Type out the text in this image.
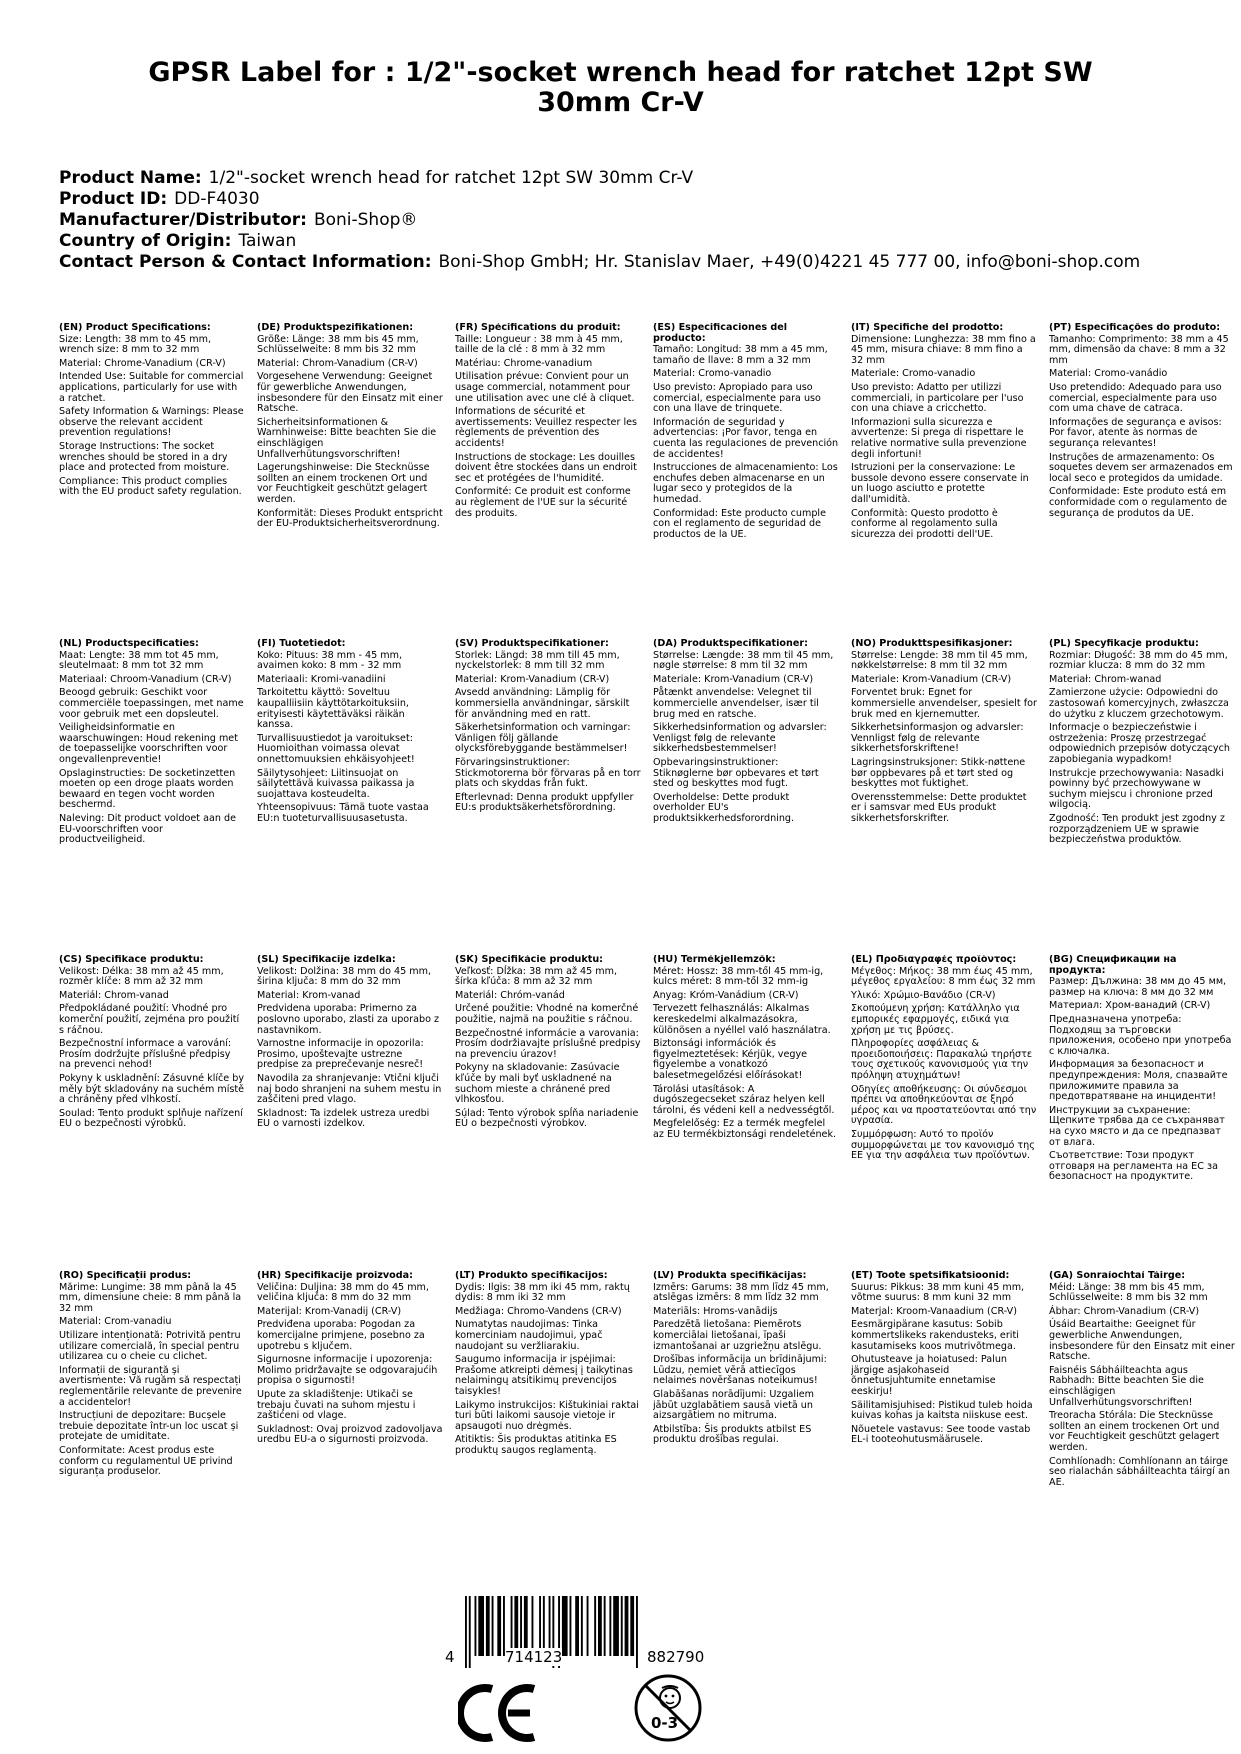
GPSR Label for : 1/2"-socket wrench head for ratchet 12pt SW 30mm Cr-V
Product Name: 1/2"-socket wrench head for ratchet 12pt SW 30mm Cr-V
Product ID: DD-F4030
Manufacturer/Distributor: Boni-Shop®
Country of Origin: Taiwan
Contact Person & Contact Information: Boni-Shop GmbH; Hr. Stanislav Maer, +49(0)4221 45 777 00, info@boni-shop.com
(EN) Product Specifications:
Size: Length: 38 mm to 45 mm, wrench size: 8 mm to 32 mm
Material: Chrome-Vanadium (CR-V)
Intended Use: Suitable for commercial applications, particularly for use with a ratchet.
Safety Information & Warnings: Please observe the relevant accident prevention regulations!
Storage Instructions: The socket wrenches should be stored in a dry place and protected from moisture.
Compliance: This product complies with the EU product safety regulation.
(DE) Produktspezifikationen:
Größe: Länge: 38 mm bis 45 mm, Schlüsselweite: 8 mm bis 32 mm
Material: Chrom-Vanadium (CR-V)
Vorgesehene Verwendung: Geeignet für gewerbliche Anwendungen, insbesondere für den Einsatz mit einer Ratsche.
Sicherheitsinformationen & Warnhinweise: Bitte beachten Sie die einschlägigen Unfallverhütungsvorschriften!
Lagerungshinweise: Die Stecknüsse sollten an einem trockenen Ort und vor Feuchtigkeit geschützt gelagert werden.
Konformität: Dieses Produkt entspricht der EU-Produktsicherheitsverordnung.
(FR) Spécifications du produit:
Taille: Longueur : 38 mm à 45 mm, taille de la clé : 8 mm à 32 mm
Matériau: Chrome-vanadium
Utilisation prévue: Convient pour un usage commercial, notamment pour une utilisation avec une clé à cliquet.
Informations de sécurité et avertissements: Veuillez respecter les règlements de prévention des accidents!
Instructions de stockage: Les douilles doivent être stockées dans un endroit sec et protégées de l'humidité.
Conformité: Ce produit est conforme au règlement de l'UE sur la sécurité des produits.
(ES) Especificaciones del producto:
Tamaño: Longitud: 38 mm a 45 mm, tamaño de llave: 8 mm a 32 mm
Material: Cromo-vanadio
Uso previsto: Apropiado para uso comercial, especialmente para uso con una llave de trinquete.
Información de seguridad y advertencias: ¡Por favor, tenga en cuenta las regulaciones de prevención de accidentes!
Instrucciones de almacenamiento: Los enchufes deben almacenarse en un lugar seco y protegidos de la humedad.
Conformidad: Este producto cumple con el reglamento de seguridad de productos de la UE.
(IT) Specifiche del prodotto:
Dimensione: Lunghezza: 38 mm fino a 45 mm, misura chiave: 8 mm fino a 32 mm
Materiale: Cromo-vanadio
Uso previsto: Adatto per utilizzi commerciali, in particolare per l'uso con una chiave a cricchetto.
Informazioni sulla sicurezza e avvertenze: Si prega di rispettare le relative normative sulla prevenzione degli infortuni!
Istruzioni per la conservazione: Le bussole devono essere conservate in un luogo asciutto e protette dall'umidità.
Conformità: Questo prodotto è conforme al regolamento sulla sicurezza dei prodotti dell'UE.
(PT) Especificações do produto:
Tamanho: Comprimento: 38 mm a 45 mm, dimensão da chave: 8 mm a 32 mm
Material: Cromo-vanádio
Uso pretendido: Adequado para uso comercial, especialmente para uso com uma chave de catraca.
Informações de segurança e avisos: Por favor, atente às normas de segurança relevantes!
Instruções de armazenamento: Os soquetes devem ser armazenados em local seco e protegidos da umidade.
Conformidade: Este produto está em conformidade com o regulamento de segurança de produtos da UE.
(NL) Productspecificaties:
Maat: Lengte: 38 mm tot 45 mm, sleutelmaat: 8 mm tot 32 mm
Materiaal: Chroom-Vanadium (CR-V)
Beoogd gebruik: Geschikt voor commerciële toepassingen, met name voor gebruik met een dopsleutel.
Veiligheidsinformatie en waarschuwingen: Houd rekening met de toepasselijke voorschriften voor ongevallenpreventie!
Opslaginstructies: De socketinzetten moeten op een droge plaats worden bewaard en tegen vocht worden beschermd.
Naleving: Dit product voldoet aan de EU-voorschriften voor productveiligheid.
(FI) Tuotetiedot:
Koko: Pituus: 38 mm - 45 mm, avaimen koko: 8 mm - 32 mm
Materiaali: Kromi-vanadiini
Tarkoitettu käyttö: Soveltuu kaupalliisiin käyttötarkoituksiin, erityisesti käytettäväksi räikän kanssa.
Turvallisuustiedot ja varoitukset: Huomioithan voimassa olevat onnettomuuksien ehkäisyohjeet!
Säilytysohjeet: Liitinsuojat on säilytettävä kuivassa paikassa ja suojattava kosteudelta.
Yhteensopivuus: Tämä tuote vastaa EU:n tuoteturvallisuusasetusta.
(SV) Produktspecifikationer:
Storlek: Längd: 38 mm till 45 mm, nyckelstorlek: 8 mm till 32 mm
Material: Krom-Vanadium (CR-V)
Avsedd användning: Lämplig för kommersiella användningar, särskilt för användning med en ratt.
Säkerhetsinformation och varningar: Vänligen följ gällande olycksförebyggande bestämmelser!
Förvaringsinstruktioner: Stickmotorerna bör förvaras på en torr plats och skyddas från fukt.
Efterlevnad: Denna produkt uppfyller EU:s produktsäkerhetsförordning.
(DA) Produktspecifikationer:
Størrelse: Længde: 38 mm til 45 mm, nøgle størrelse: 8 mm til 32 mm
Materiale: Krom-Vanadium (CR-V)
Påtænkt anvendelse: Velegnet til kommercielle anvendelser, især til brug med en ratsche.
Sikkerhedsinformation og advarsler: Venligst følg de relevante sikkerhedsbestemmelser!
Opbevaringsinstruktioner: Stiknøglerne bør opbevares et tørt sted og beskyttes mod fugt.
Overholdelse: Dette produkt overholder EU's produktsikkerhedsforordning.
(NO) Produkttspesifikasjoner:
Størrelse: Lengde: 38 mm til 45 mm, nøkkelstørrelse: 8 mm til 32 mm
Materiale: Krom-Vanadium (CR-V)
Forventet bruk: Egnet for kommersielle anvendelser, spesielt for bruk med en kjernemutter.
Sikkerhetsinformasjon og advarsler: Vennligst følg de relevante sikkerhetsforskriftene!
Lagringsinstruksjoner: Stikk-nøttene bør oppbevares på et tørt sted og beskyttes mot fuktighet.
Overensstemmelse: Dette produktet er i samsvar med EUs produkt sikkerhetsforskrifter.
(PL) Specyfikacje produktu:
Rozmiar: Długość: 38 mm do 45 mm, rozmiar klucza: 8 mm do 32 mm
Materiał: Chrom-wanad
Zamierzone użycie: Odpowiedni do zastosowań komercyjnych, zwłaszcza do użytku z kluczem grzechotowym.
Informacje o bezpieczeństwie i ostrzeżenia: Proszę przestrzegać odpowiednich przepisów dotyczących zapobiegania wypadkom!
Instrukcje przechowywania: Nasadki powinny być przechowywane w suchym miejscu i chronione przed wilgocią.
Zgodność: Ten produkt jest zgodny z rozporządzeniem UE w sprawie bezpieczeństwa produktów.
(CS) Specifikace produktu:
Velikost: Délka: 38 mm až 45 mm, rozměr klíče: 8 mm až 32 mm
Materiál: Chrom-vanad
Předpokládané použití: Vhodné pro komerční použití, zejména pro použití s ráčnou.
Bezpečnostní informace a varování: Prosím dodržujte příslušné předpisy na prevenci nehod!
Pokyny k uskladnění: Zásuvné klíče by měly být skladovány na suchém místě a chráněny před vlhkostí.
Soulad: Tento produkt splňuje nařízení EU o bezpečnosti výrobků.
(SL) Specifikacije izdelka:
Velikost: Dolžina: 38 mm do 45 mm, širina ključa: 8 mm do 32 mm
Material: Krom-vanad
Predvidena uporaba: Primerno za poslovno uporabo, zlasti za uporabo z nastavnikom.
Varnostne informacije in opozorila: Prosimo, upoštevajte ustrezne predpise za preprečevanje nesreč!
Navodila za shranjevanje: Vtični ključi naj bodo shranjeni na suhem mestu in zaščiteni pred vlago.
Skladnost: Ta izdelek ustreza uredbi EU o varnosti izdelkov.
(SK) Špecifikácie produktu:
Veľkosť: Dĺžka: 38 mm až 45 mm, šírka kľúča: 8 mm až 32 mm
Materiál: Chróm-vanád
Určené použitie: Vhodné na komerčné použitie, najmä na použitie s ráčnou.
Bezpečnostné informácie a varovania: Prosím dodržiavajte príslušné predpisy na prevenciu úrazov!
Pokyny na skladovanie: Zasúvacie kľúče by mali byť uskladnené na suchom mieste a chránené pred vlhkosťou.
Súlad: Tento výrobok spĺňa nariadenie EÚ o bezpečnosti výrobkov.
(HU) Termékjellemzők:
Méret: Hossz: 38 mm-től 45 mm-ig, kulcs méret: 8 mm-től 32 mm-ig
Anyag: Króm-Vanádium (CR-V)
Tervezett felhasználás: Alkalmas kereskedelmi alkalmazásokra, különösen a nyéllel való használatra.
Biztonsági információk és figyelmeztetések: Kérjük, vegye figyelembe a vonatkozó balesetmegelőzési előírásokat!
Tárolási utasítások: A dugószegecseket száraz helyen kell tárolni, és védeni kell a nedvességtől.
Megfelelőség: Ez a termék megfelel az EU termékbiztonsági rendeletének.
(EL) Προδιαγραφές προϊόντος:
Μέγεθος: Μήκος: 38 mm έως 45 mm, μέγεθος εργαλείου: 8 mm έως 32 mm
Υλικό: Χρώμιο-Βανάδιο (CR-V)
Σκοπούμενη χρήση: Κατάλληλο για εμπορικές εφαρμογές, ειδικά για χρήση με τις βρύσες.
Πληροφορίες ασφάλειας & προειδοποιήσεις: Παρακαλώ τηρήστε τους σχετικούς κανονισμούς για την πρόληψη ατυχημάτων!
Οδηγίες αποθήκευσης: Οι σύνδεσμοι πρέπει να αποθηκεύονται σε ξηρό μέρος και να προστατεύονται από την υγρασία.
Συμμόρφωση: Αυτό το προϊόν συμμορφώνεται με τον κανονισμό της ΕΕ για την ασφάλεια των προϊόντων.
(BG) Спецификации на продукта:
Размер: Дължина: 38 мм до 45 мм, размер на ключа: 8 мм до 32 мм
Материал: Хром-ванадий (CR-V)
Предназначена употреба: Подходящ за търговски приложения, особено при употреба с ключалка.
Информация за безопасност и предупреждения: Моля, спазвайте приложимите правила за предотвратяване на инциденти!
Инструкции за съхранение: Щепките трябва да се съхраняват на сухо място и да се предпазват от влага.
Съответствие: Този продукт отговаря на регламента на ЕС за безопасност на продуктите.
(RO) Specificații produs:
Mărime: Lungime: 38 mm până la 45 mm, dimensiune cheie: 8 mm până la 32 mm
Material: Crom-vanadiu
Utilizare intenționată: Potrivită pentru utilizare comercială, în special pentru utilizarea cu o cheie cu clichet.
Informații de siguranță și avertismente: Vă rugăm să respectați reglementările relevante de prevenire a accidentelor!
Instrucțiuni de depozitare: Bucșele trebuie depozitate într-un loc uscat și protejate de umiditate.
Conformitate: Acest produs este conform cu regulamentul UE privind siguranța produselor.
(HR) Specifikacije proizvoda:
Veličina: Duljina: 38 mm do 45 mm, veličina ključa: 8 mm do 32 mm
Materijal: Krom-Vanadij (CR-V)
Predviđena uporaba: Pogodan za komercijalne primjene, posebno za upotrebu s ključem.
Sigurnosne informacije i upozorenja: Molimo pridržavajte se odgovarajućih propisa o sigurnosti!
Upute za skladištenje: Utikači se trebaju čuvati na suhom mjestu i zaštićeni od vlage.
Sukladnost: Ovaj proizvod zadovoljava uredbu EU-a o sigurnosti proizvoda.
(LT) Produkto specifikacijos:
Dydis: Ilgis: 38 mm iki 45 mm, raktų dydis: 8 mm iki 32 mm
Medžiaga: Chromo-Vandens (CR-V)
Numatytas naudojimas: Tinka komerciniam naudojimui, ypač naudojant su veržliarakiu.
Saugumo informacija ir įspėjimai: Prašome atkreipti dėmesį į taikytinas nelaimingų atsitikimų prevencijos taisykles!
Laikymo instrukcijos: Kištukiniai raktai turi būti laikomi sausoje vietoje ir apsaugoti nuo drėgmės.
Atitiktis: Šis produktas atitinka ES produktų saugos reglamentą.
(LV) Produkta specifikācijas:
Izmērs: Garums: 38 mm līdz 45 mm, atslēgas izmērs: 8 mm līdz 32 mm
Materiāls: Hroms-vanādijs
Paredzētā lietošana: Piemērots komerciālai lietošanai, īpaši izmantošanai ar uzgriežņu atslēgu.
Drošības informācija un brīdinājumi: Lūdzu, ņemiet vērā attiecīgos nelaimes novēršanas noteikumus!
Glabāšanas norādījumi: Uzgaliem jābūt uzglabātiem sausā vietā un aizsargātiem no mitruma.
Atbilstība: Šis produkts atbilst ES produktu drošības regulai.
(ET) Toote spetsifikatsioonid:
Suurus: Pikkus: 38 mm kuni 45 mm, võtme suurus: 8 mm kuni 32 mm
Materjal: Kroom-Vanaadium (CR-V)
Eesmärgipärane kasutus: Sobib kommertslikeks rakendusteks, eriti kasutamiseks koos mutrivõtmega.
Ohutusteave ja hoiatused: Palun järgige asjakohaseid õnnetusjuhtumite ennetamise eeskirju!
Säilitamisjuhised: Pistikud tuleb hoida kuivas kohas ja kaitsta niiskuse eest.
Nõuetele vastavus: See toode vastab EL-i tooteohutusmäärusele.
(GA) Sonraíochtaí Táirge:
Méid: Länge: 38 mm bis 45 mm, Schlüsselweite: 8 mm bis 32 mm
Ábhar: Chrom-Vanadium (CR-V)
Úsáid Beartaithe: Geeignet für gewerbliche Anwendungen, insbesondere für den Einsatz mit einer Ratsche.
Faisnéis Sábháilteachta agus Rabhadh: Bitte beachten Sie die einschlägigen Unfallverhütungsvorschriften!
Treoracha Stórála: Die Stecknüsse sollten an einem trockenen Ort und vor Feuchtigkeit geschützt gelagert werden.
Comhlíonadh: Comhlíonann an táirge seo rialachán sábháilteachta táirgí an AE.
4	714123	882790
0-3
